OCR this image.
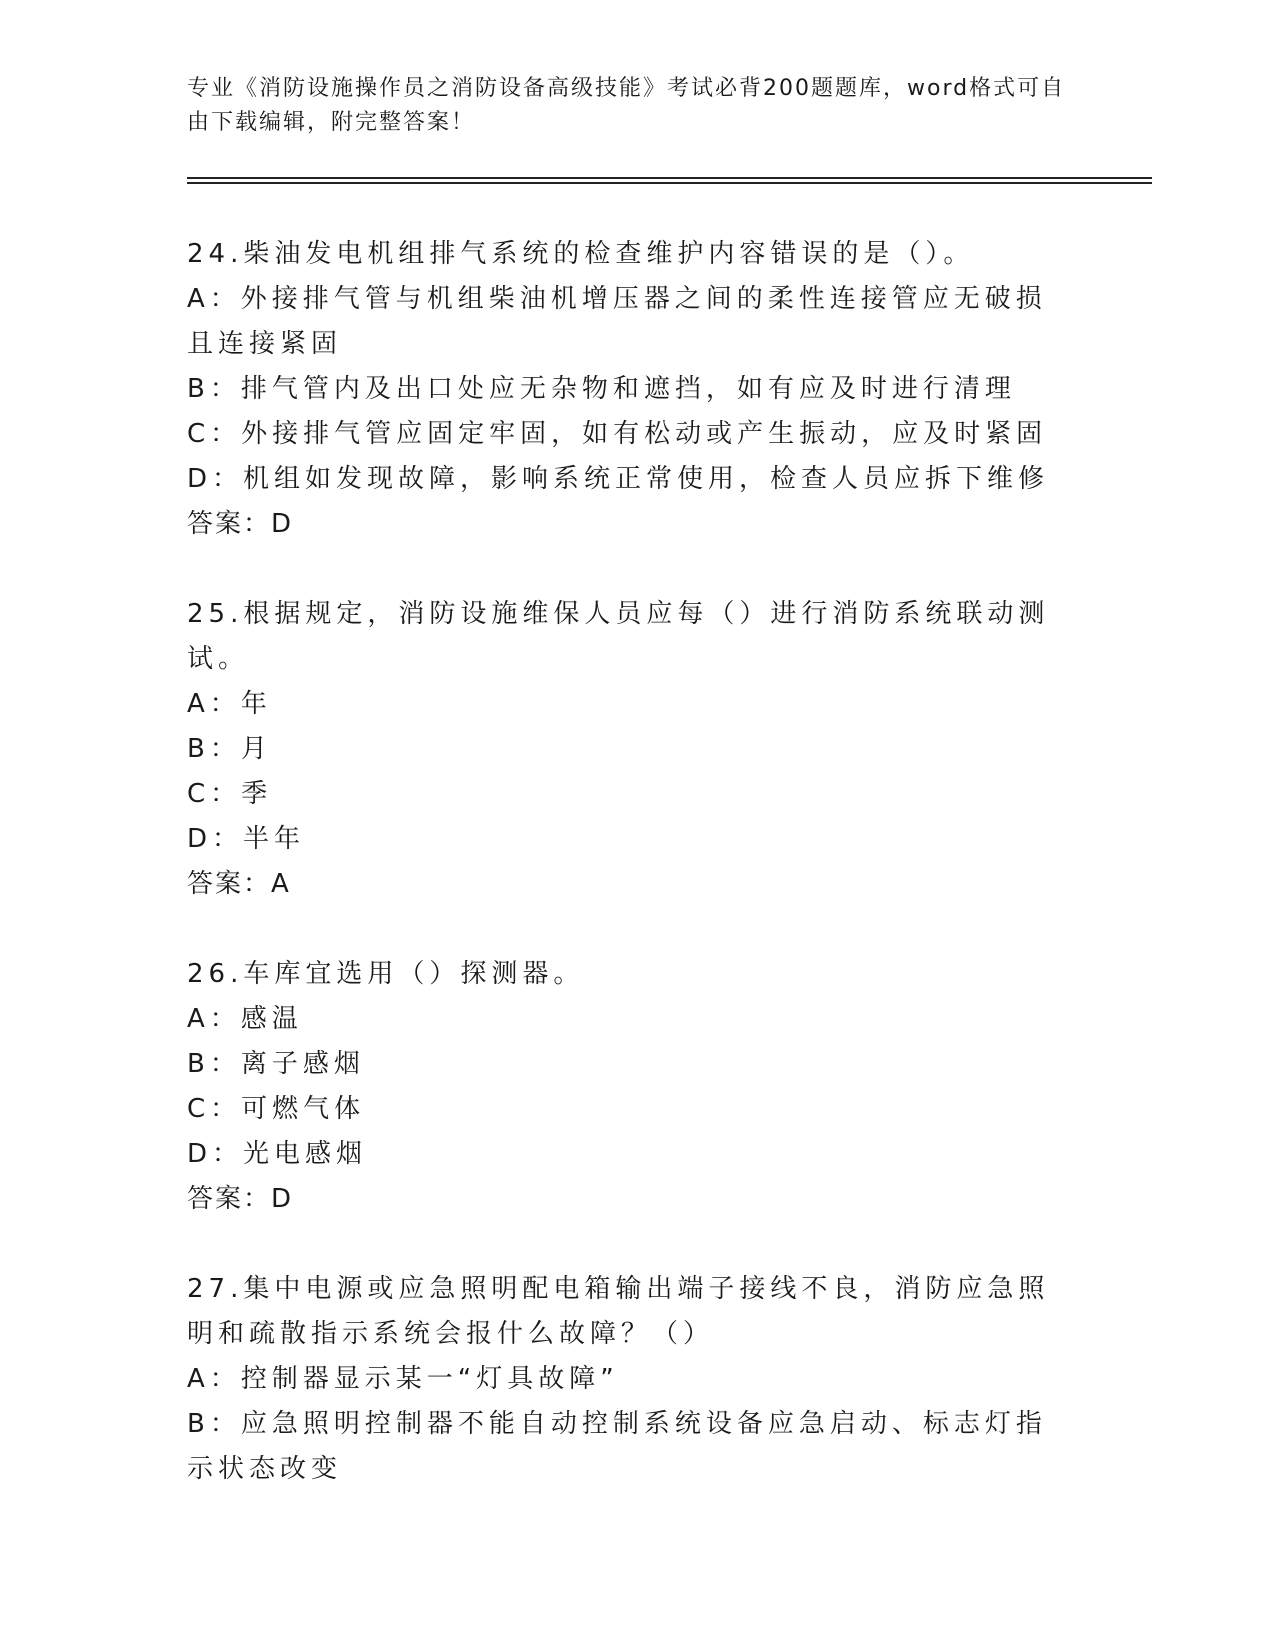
专业《消防设施操作员之消防设备高级技能》考试必背200题题库，word格式可自由下载编辑，附完整答案！

24.柴油发电机组排气系统的检查维护内容错误的是（）。

A：外接排气管与机组柴油机增压器之间的柔性连接管应无破损且连接紧固

B：排气管内及出口处应无杂物和遮挡，如有应及时进行清理

C：外接排气管应固定牢固，如有松动或产生振动，应及时紧固

D：机组如发现故障，影响系统正常使用，检查人员应拆下维修

答案：D

25.根据规定，消防设施维保人员应每（）进行消防系统联动测试。

A：年

B：月

C：季

D：半年

答案：A

26.车库宜选用（）探测器。

A：感温

B：离子感烟

C：可燃气体

D：光电感烟

答案：D

27.集中电源或应急照明配电箱输出端子接线不良，消防应急照明和疏散指示系统会报什么故障？（）

A：控制器显示某一“灯具故障”

B：应急照明控制器不能自动控制系统设备应急启动、标志灯指示状态改变
